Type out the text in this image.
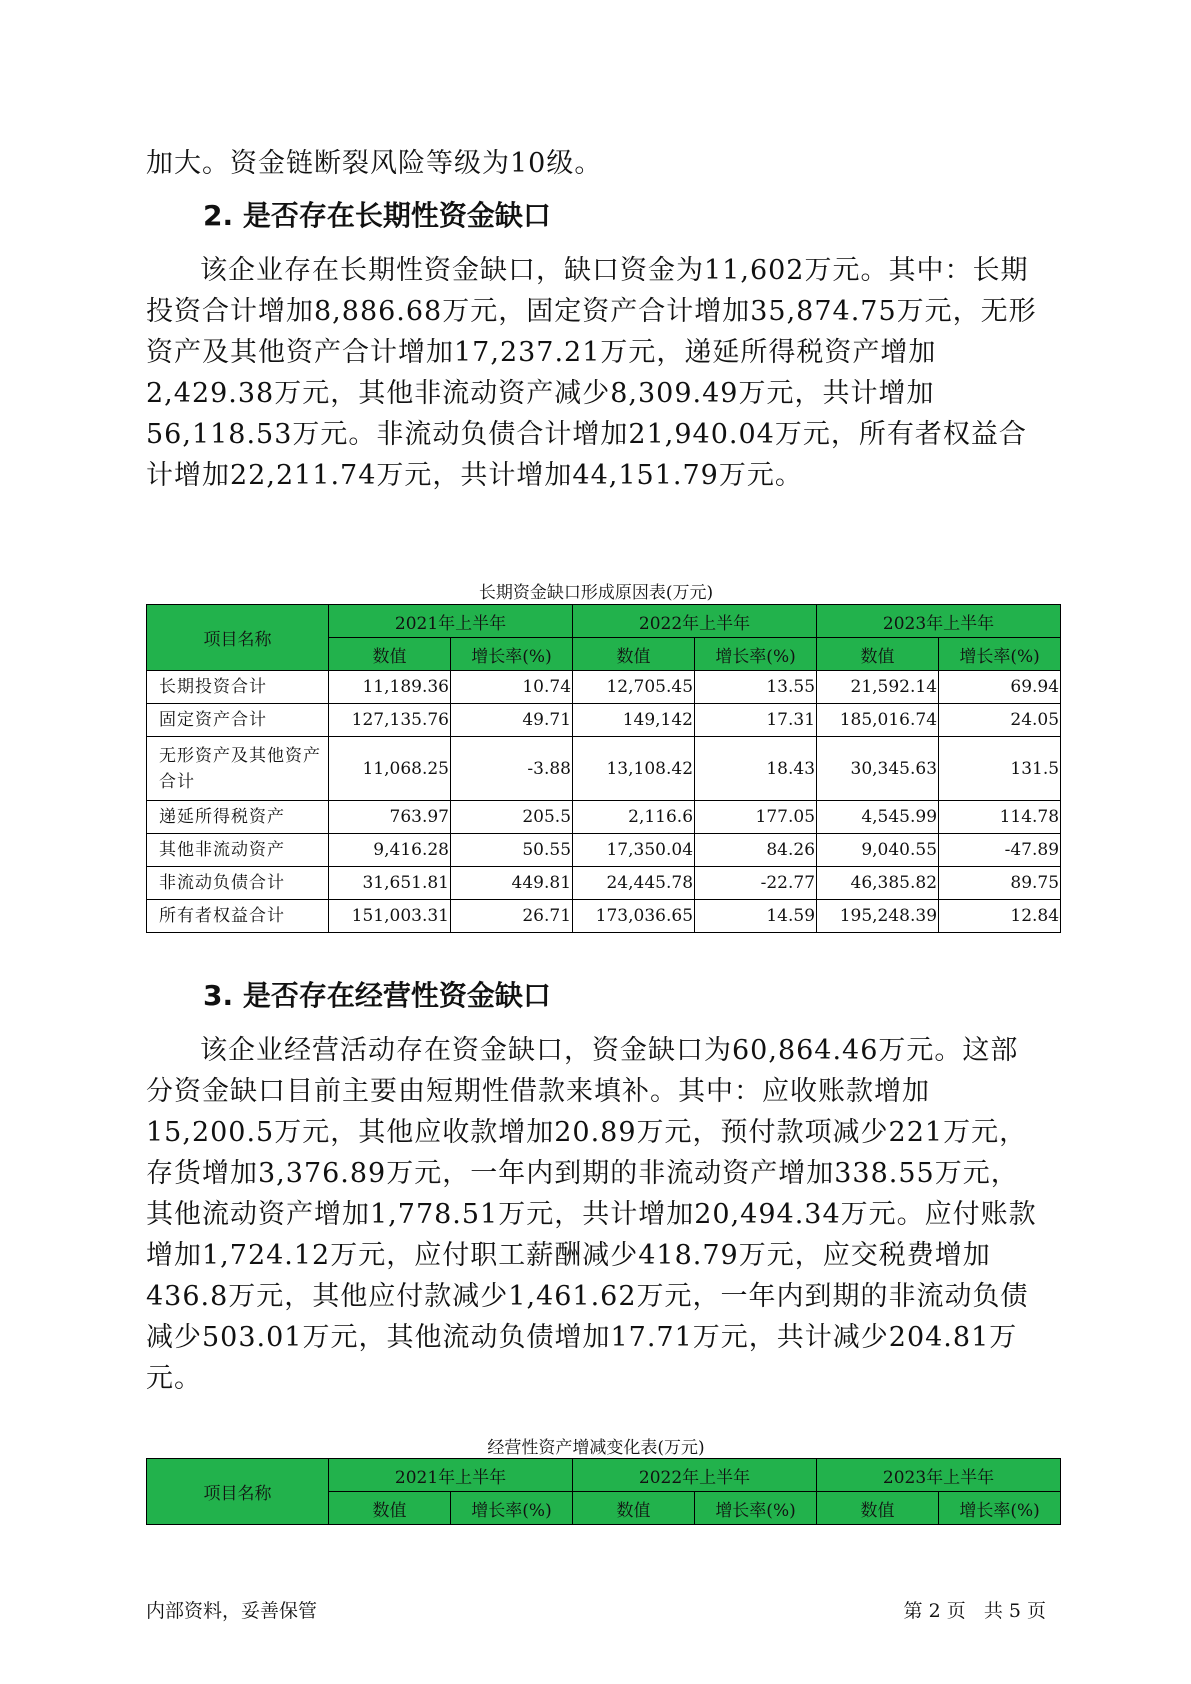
加大。资金链断裂风险等级为10级。

2. 是否存在长期性资金缺口

该企业存在长期性资金缺口，缺口资金为11,602万元。其中：长期投资合计增加8,886.68万元，固定资产合计增加35,874.75万元，无形资产及其他资产合计增加17,237.21万元，递延所得税资产增加2,429.38万元，其他非流动资产减少8,309.49万元，共计增加56,118.53万元。非流动负债合计增加21,940.04万元，所有者权益合计增加22,211.74万元，共计增加44,151.79万元。

长期资金缺口形成原因表(万元)
项目名称	2021年上半年		2022年上半年		2023年上半年	
	数值	增长率(%)	数值	增长率(%)	数值	增长率(%)
长期投资合计	11,189.36	10.74	12,705.45	13.55	21,592.14	69.94
固定资产合计	127,135.76	49.71	149,142	17.31	185,016.74	24.05
无形资产及其他资产合计	11,068.25	-3.88	13,108.42	18.43	30,345.63	131.5
递延所得税资产	763.97	205.5	2,116.6	177.05	4,545.99	114.78
其他非流动资产	9,416.28	50.55	17,350.04	84.26	9,040.55	-47.89
非流动负债合计	31,651.81	449.81	24,445.78	-22.77	46,385.82	89.75
所有者权益合计	151,003.31	26.71	173,036.65	14.59	195,248.39	12.84
3. 是否存在经营性资金缺口

该企业经营活动存在资金缺口，资金缺口为60,864.46万元。这部分资金缺口目前主要由短期性借款来填补。其中：应收账款增加15,200.5万元，其他应收款增加20.89万元，预付款项减少221万元，存货增加3,376.89万元，一年内到期的非流动资产增加338.55万元，其他流动资产增加1,778.51万元，共计增加20,494.34万元。应付账款增加1,724.12万元，应付职工薪酬减少418.79万元，应交税费增加436.8万元，其他应付款减少1,461.62万元，一年内到期的非流动负债减少503.01万元，其他流动负债增加17.71万元，共计减少204.81万元。

经营性资产增减变化表(万元)
项目名称	2021年上半年		2022年上半年		2023年上半年	
	数值	增长率(%)	数值	增长率(%)	数值	增长率(%)
内部资料，妥善保管	第 2 页   共 5 页
